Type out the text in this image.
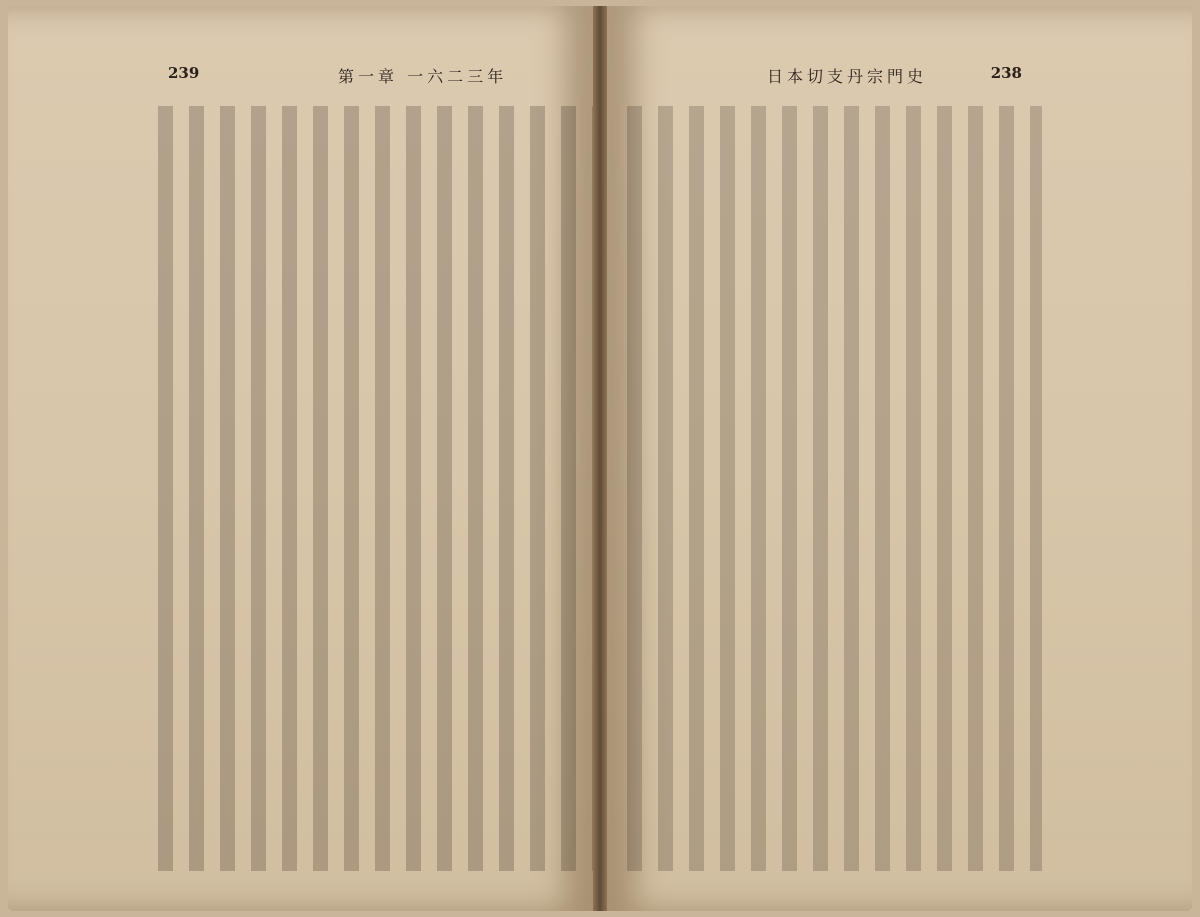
239	第一章 一六二三年	238
日本切支丹宗門史
